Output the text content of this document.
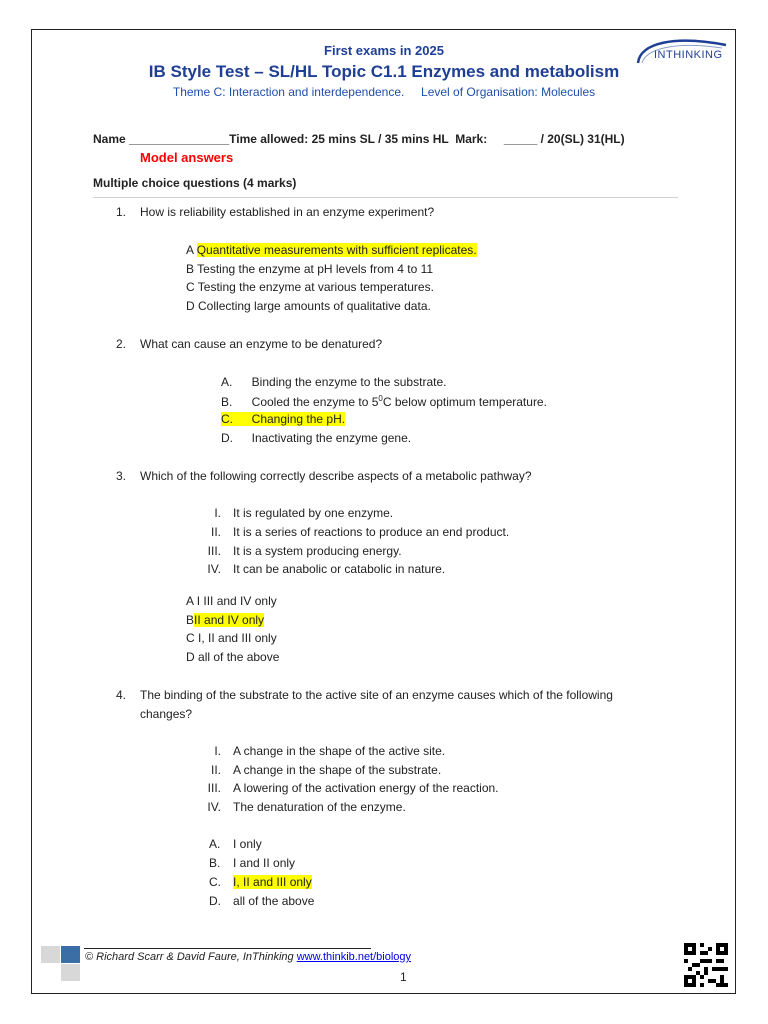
First exams in 2025
IB Style Test – SL/HL Topic C1.1 Enzymes and metabolism
Theme C: Interaction and interdependence.     Level of Organisation: Molecules
INTHINKING
Name _______________Time allowed: 25 mins SL / 35 mins HL  Mark:     _____ / 20(SL) 31(HL)
Model answers
Multiple choice questions (4 marks)
1. How is reliability established in an enzyme experiment?
A Quantitative measurements with sufficient replicates.
B Testing the enzyme at pH levels from 4 to 11
C Testing the enzyme at various temperatures.
D Collecting large amounts of qualitative data.
2. What can cause an enzyme to be denatured?
A. Binding the enzyme to the substrate.
B. Cooled the enzyme to $5^0C$ below optimum temperature.
C. Changing the pH.
D. Inactivating the enzyme gene.
3. Which of the following correctly describe aspects of a metabolic pathway?
I. It is regulated by one enzyme.
II. It is a series of reactions to produce an end product.
III. It is a system producing energy.
IV. It can be anabolic or catabolic in nature.
A I III and IV only
BII and IV only
C I, II and III only
D all of the above
4. The binding of the substrate to the active site of an enzyme causes which of the following
changes?
I. A change in the shape of the active site.
II. A change in the shape of the substrate.
III. A lowering of the activation energy of the reaction.
IV. The denaturation of the enzyme.
A. I only
B. I and II only
C. I, II and III only
D. all of the above
© Richard Scarr & David Faure, InThinking www.thinkib.net/biology
1
